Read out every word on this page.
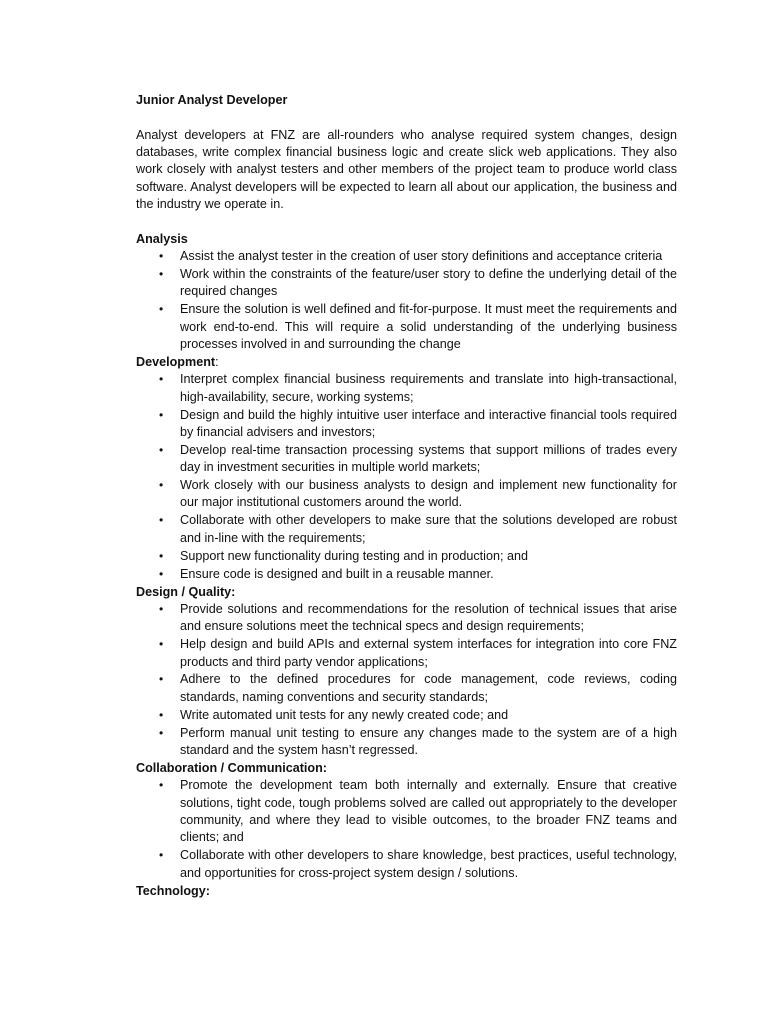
Junior Analyst Developer

Analyst developers at FNZ are all-rounders who analyse required system changes, design databases, write complex financial business logic and create slick web applications. They also work closely with analyst testers and other members of the project team to produce world class software. Analyst developers will be expected to learn all about our application, the business and the industry we operate in.

Analysis

• Assist the analyst tester in the creation of user story definitions and acceptance criteria
• Work within the constraints of the feature/user story to define the underlying detail of the required changes
• Ensure the solution is well defined and fit-for-purpose. It must meet the requirements and work end-to-end. This will require a solid understanding of the underlying business processes involved in and surrounding the change

Development:

• Interpret complex financial business requirements and translate into high-transactional, high-availability, secure, working systems;
• Design and build the highly intuitive user interface and interactive financial tools required by financial advisers and investors;
• Develop real-time transaction processing systems that support millions of trades every day in investment securities in multiple world markets;
• Work closely with our business analysts to design and implement new functionality for our major institutional customers around the world.
• Collaborate with other developers to make sure that the solutions developed are robust and in-line with the requirements;
• Support new functionality during testing and in production; and
• Ensure code is designed and built in a reusable manner.

Design / Quality:

• Provide solutions and recommendations for the resolution of technical issues that arise and ensure solutions meet the technical specs and design requirements;
• Help design and build APIs and external system interfaces for integration into core FNZ products and third party vendor applications;
• Adhere to the defined procedures for code management, code reviews, coding standards, naming conventions and security standards;
• Write automated unit tests for any newly created code; and
• Perform manual unit testing to ensure any changes made to the system are of a high standard and the system hasn’t regressed.

Collaboration / Communication:

• Promote the development team both internally and externally. Ensure that creative solutions, tight code, tough problems solved are called out appropriately to the developer community, and where they lead to visible outcomes, to the broader FNZ teams and clients; and
• Collaborate with other developers to share knowledge, best practices, useful technology, and opportunities for cross-project system design / solutions.

Technology:
